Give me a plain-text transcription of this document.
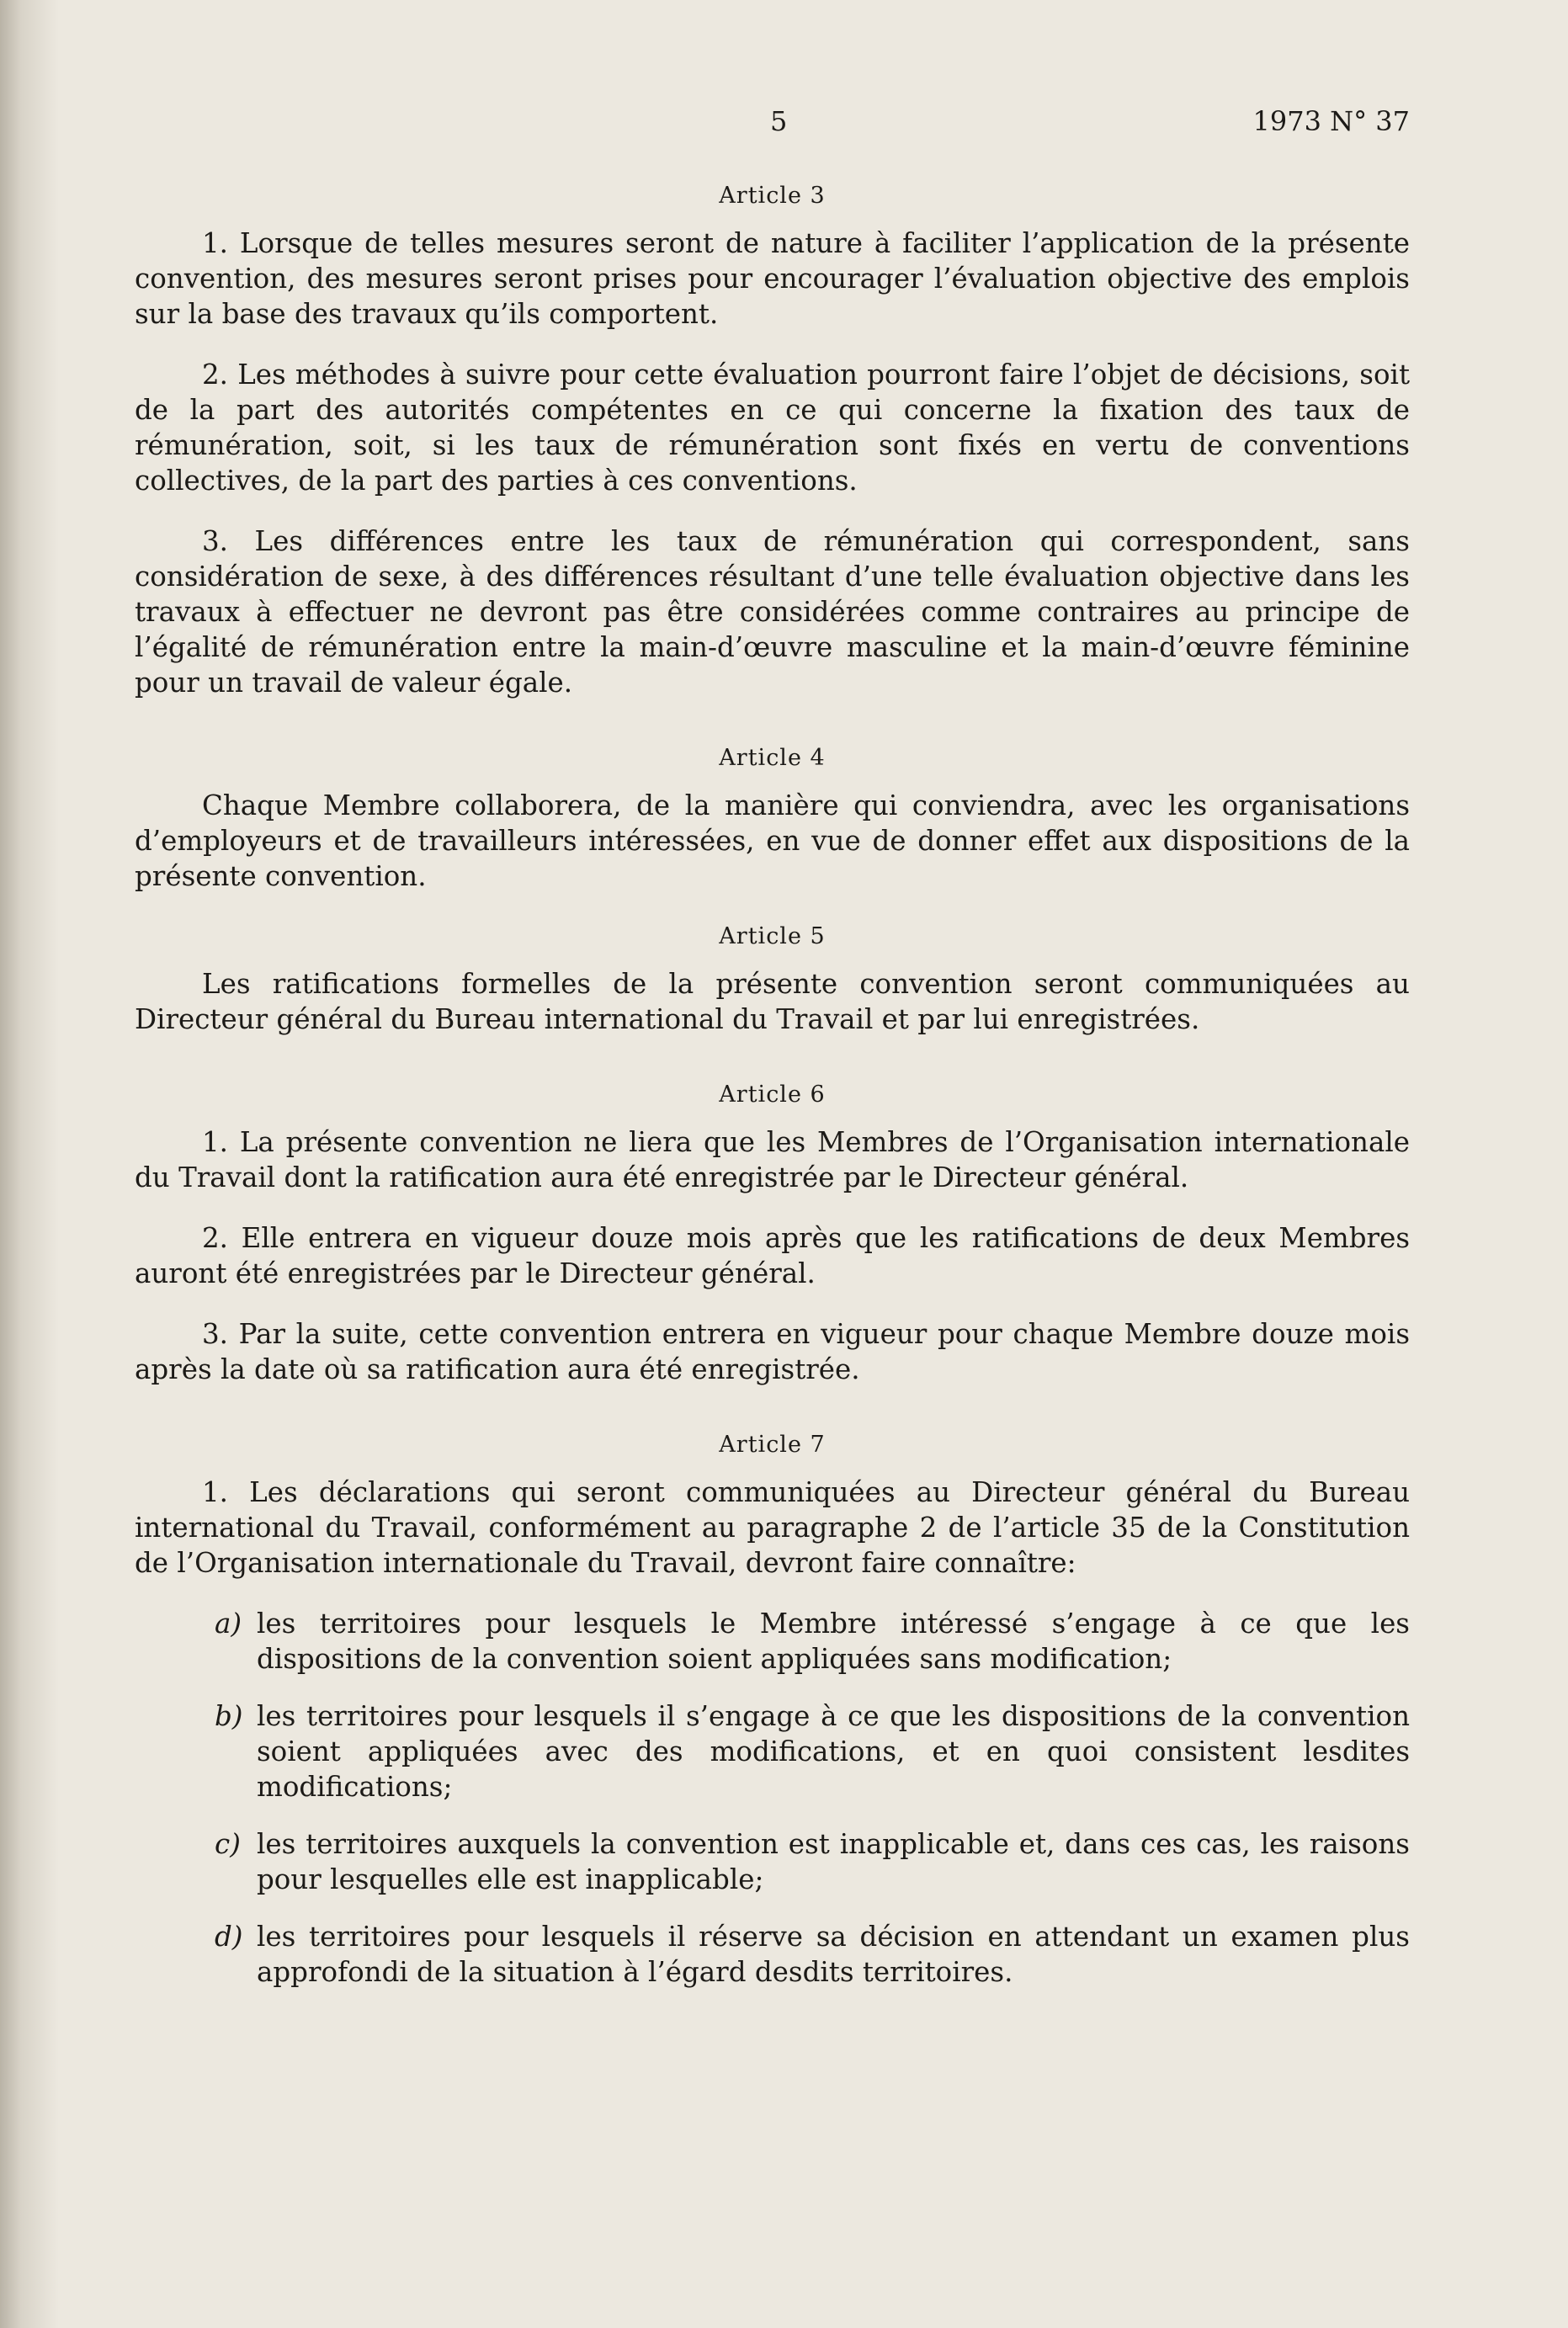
5	1973 N° 37
Article 3

1. Lorsque de telles mesures seront de nature à faciliter l’application de la présente convention, des mesures seront prises pour encourager l’évaluation objective des emplois sur la base des travaux qu’ils comportent.

2. Les méthodes à suivre pour cette évaluation pourront faire l’objet de décisions, soit de la part des autorités compétentes en ce qui concerne la fixation des taux de rémunération, soit, si les taux de rémunération sont fixés en vertu de conventions collectives, de la part des parties à ces conventions.

3. Les différences entre les taux de rémunération qui correspondent, sans considération de sexe, à des différences résultant d’une telle évaluation objective dans les travaux à effectuer ne devront pas être considérées comme contraires au principe de l’égalité de rémunération entre la main-d’œuvre masculine et la main-d’œuvre féminine pour un travail de valeur égale.

Article 4

Chaque Membre collaborera, de la manière qui conviendra, avec les organisations d’employeurs et de travailleurs intéressées, en vue de donner effet aux dispositions de la présente convention.

Article 5

Les ratifications formelles de la présente convention seront communiquées au Directeur général du Bureau international du Travail et par lui enregistrées.

Article 6

1. La présente convention ne liera que les Membres de l’Organisation internationale du Travail dont la ratification aura été enregistrée par le Directeur général.

2. Elle entrera en vigueur douze mois après que les ratifications de deux Membres auront été enregistrées par le Directeur général.

3. Par la suite, cette convention entrera en vigueur pour chaque Membre douze mois après la date où sa ratification aura été enregistrée.

Article 7

1. Les déclarations qui seront communiquées au Directeur général du Bureau international du Travail, conformément au paragraphe 2 de l’article 35 de la Constitution de l’Organisation internationale du Travail, devront faire connaître:

a) les territoires pour lesquels le Membre intéressé s’engage à ce que les dispositions de la convention soient appliquées sans modification;
b) les territoires pour lesquels il s’engage à ce que les dispositions de la convention soient appliquées avec des modifications, et en quoi consistent lesdites modifications;
c) les territoires auxquels la convention est inapplicable et, dans ces cas, les raisons pour lesquelles elle est inapplicable;
d) les territoires pour lesquels il réserve sa décision en attendant un examen plus approfondi de la situation à l’égard desdits territoires.
